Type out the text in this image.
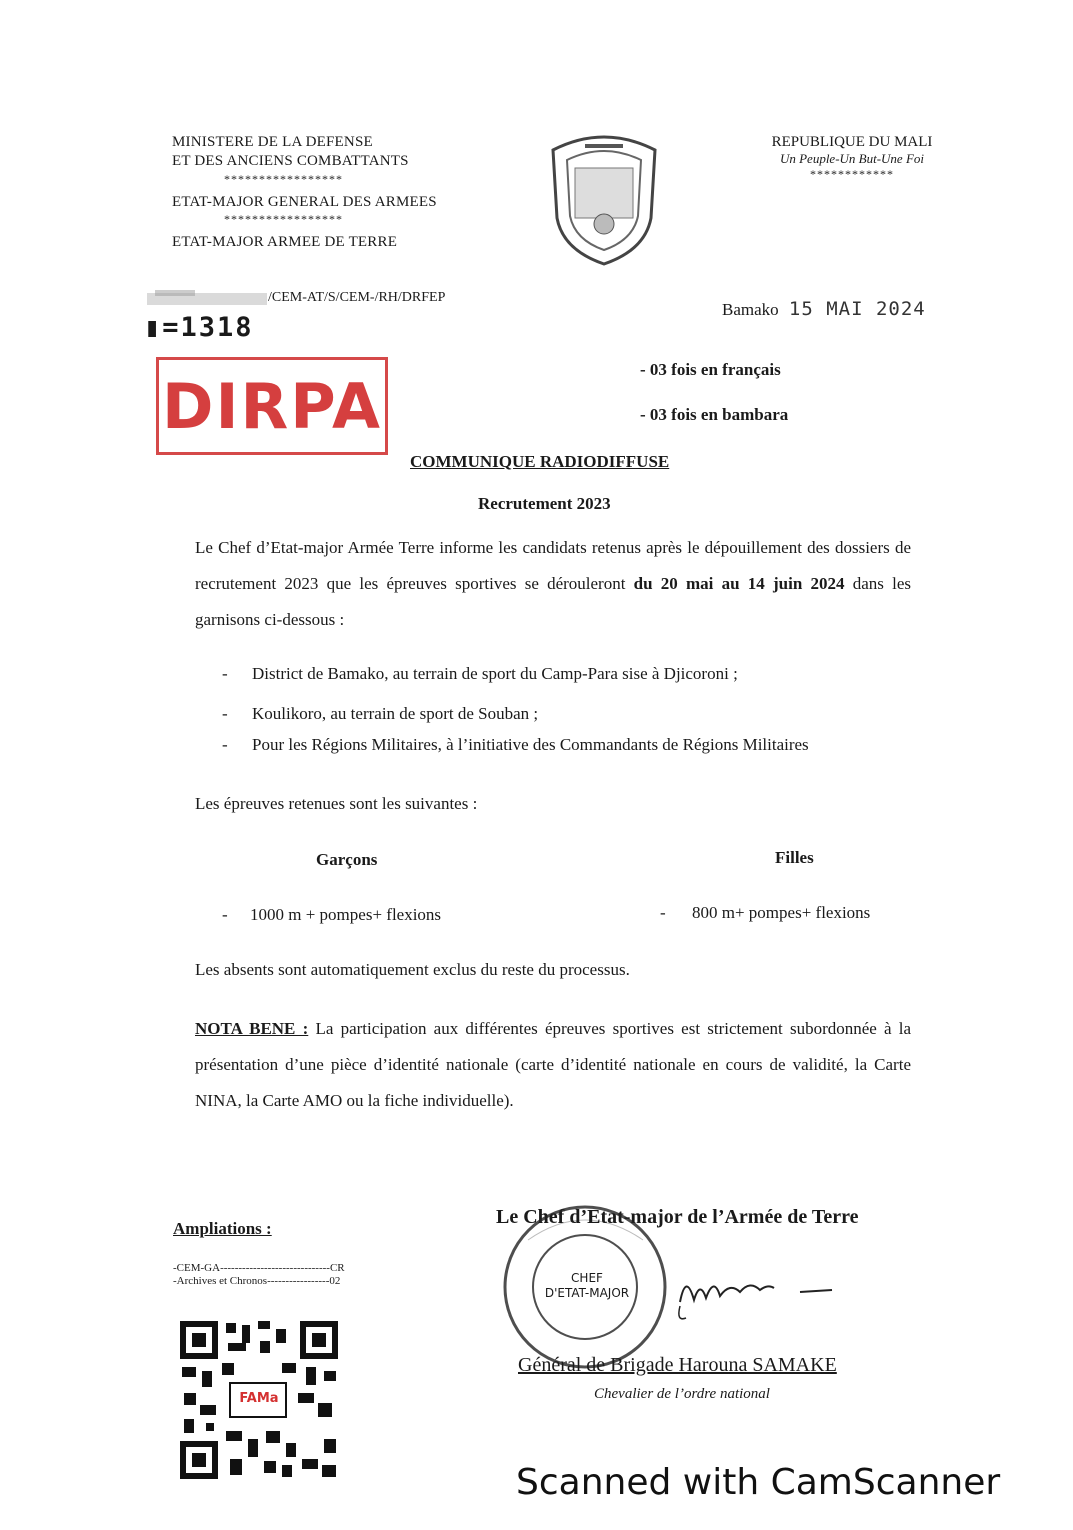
MINISTERE DE LA DEFENSE
ET DES ANCIENS COMBATTANTS
*****************
ETAT-MAJOR GENERAL DES ARMEES
*****************
ETAT-MAJOR ARMEE DE TERRE
REPUBLIQUE DU MALI
Un Peuple-Un But-Une Foi
************
/CEM-AT/S/CEM-/RH/DRFEP
▮=1318
Bamako 15 MAI 2024
DIRPA	- 03 fois en français
- 03 fois en bambara
COMMUNIQUE RADIODIFFUSE
Recrutement 2023
Le Chef d’Etat-major Armée Terre informe les candidats retenus après le dépouillement des dossiers de recrutement 2023 que les épreuves sportives se dérouleront du 20 mai au 14 juin 2024 dans les garnisons ci-dessous :
- District de Bamako, au terrain de sport du Camp-Para sise à Djicoroni ;
- Koulikoro, au terrain de sport de Souban ;
- Pour les Régions Militaires, à l’initiative des Commandants de Régions Militaires
Les épreuves retenues sont les suivantes :
Garçons	Filles
- 1000 m + pompes+ flexions	- 800 m+ pompes+ flexions
Les absents sont automatiquement exclus du reste du processus.
NOTA BENE : La participation aux différentes épreuves sportives est strictement subordonnée à la présentation d’une pièce d’identité nationale (carte d’identité nationale en cours de validité, la Carte NINA, la Carte AMO ou la fiche individuelle).
Ampliations :
-CEM-GA------------------------------CR
-Archives et Chronos-----------------02
FAMa
Le Chef d’Etat-major de l’Armée de Terre
CHEF
D'ETAT-MAJOR
Général de Brigade Harouna SAMAKE
Chevalier de l’ordre national
Scanned with CamScanner
